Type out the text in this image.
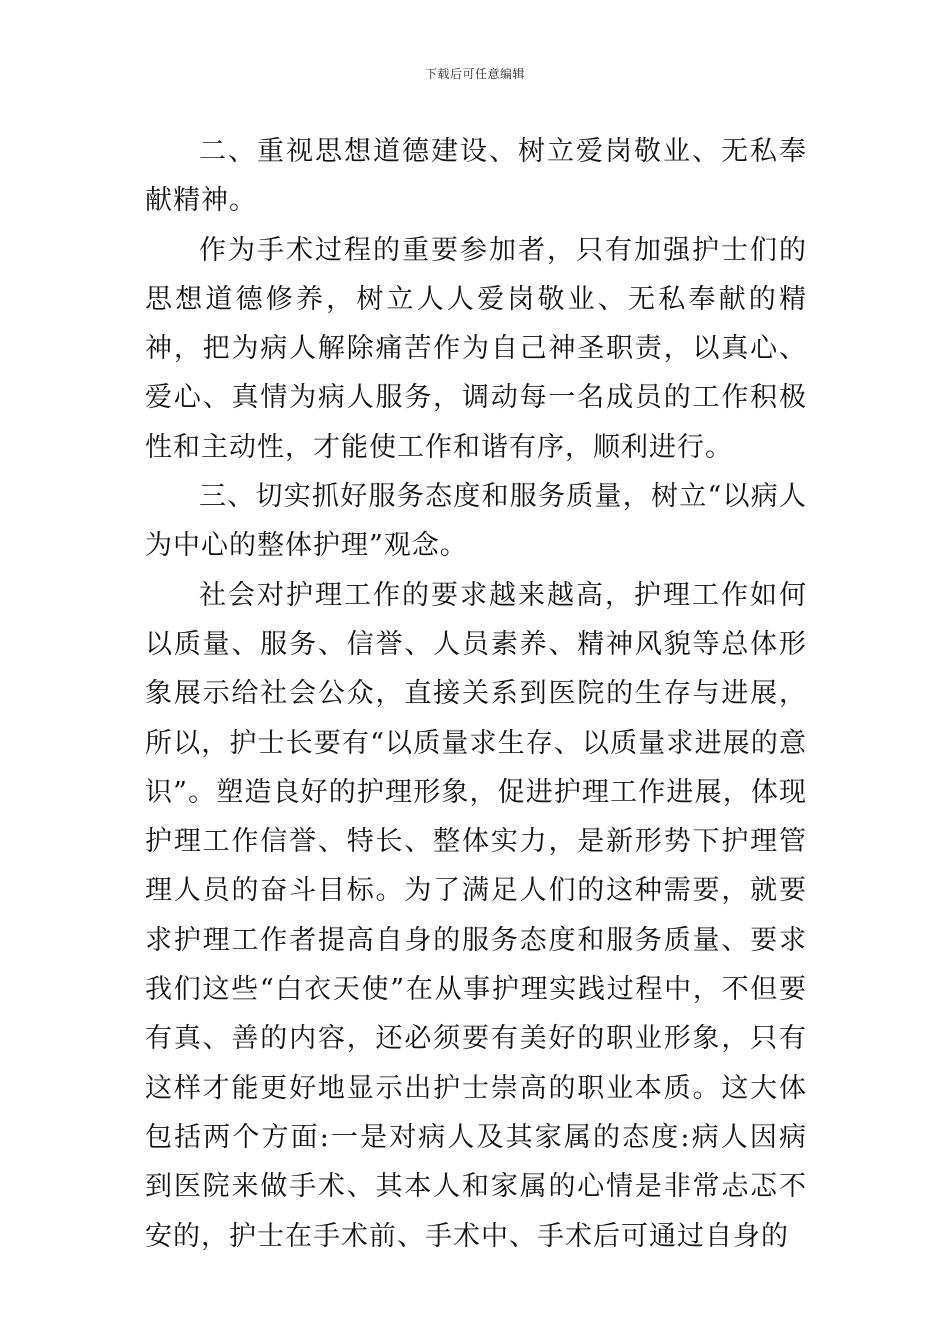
下载后可任意编辑

二、重视思想道德建设、树立爱岗敬业、无私奉献精神。

作为手术过程的重要参加者，只有加强护士们的思想道德修养，树立人人爱岗敬业、无私奉献的精神，把为病人解除痛苦作为自己神圣职责，以真心、爱心、真情为病人服务，调动每一名成员的工作积极性和主动性，才能使工作和谐有序，顺利进行。

三、切实抓好服务态度和服务质量，树立“以病人为中心的整体护理”观念。

社会对护理工作的要求越来越高，护理工作如何以质量、服务、信誉、人员素养、精神风貌等总体形象展示给社会公众，直接关系到医院的生存与进展，所以，护士长要有“以质量求生存、以质量求进展的意识”。塑造良好的护理形象，促进护理工作进展，体现护理工作信誉、特长、整体实力，是新形势下护理管理人员的奋斗目标。为了满足人们的这种需要，就要求护理工作者提高自身的服务态度和服务质量、要求我们这些“白衣天使”在从事护理实践过程中，不但要有真、善的内容，还必须要有美好的职业形象，只有这样才能更好地显示出护士崇高的职业本质。这大体包括两个方面:一是对病人及其家属的态度:病人因病到医院来做手术、其本人和家属的心情是非常忐忑不安的，护士在手术前、手术中、手术后可通过自身的
